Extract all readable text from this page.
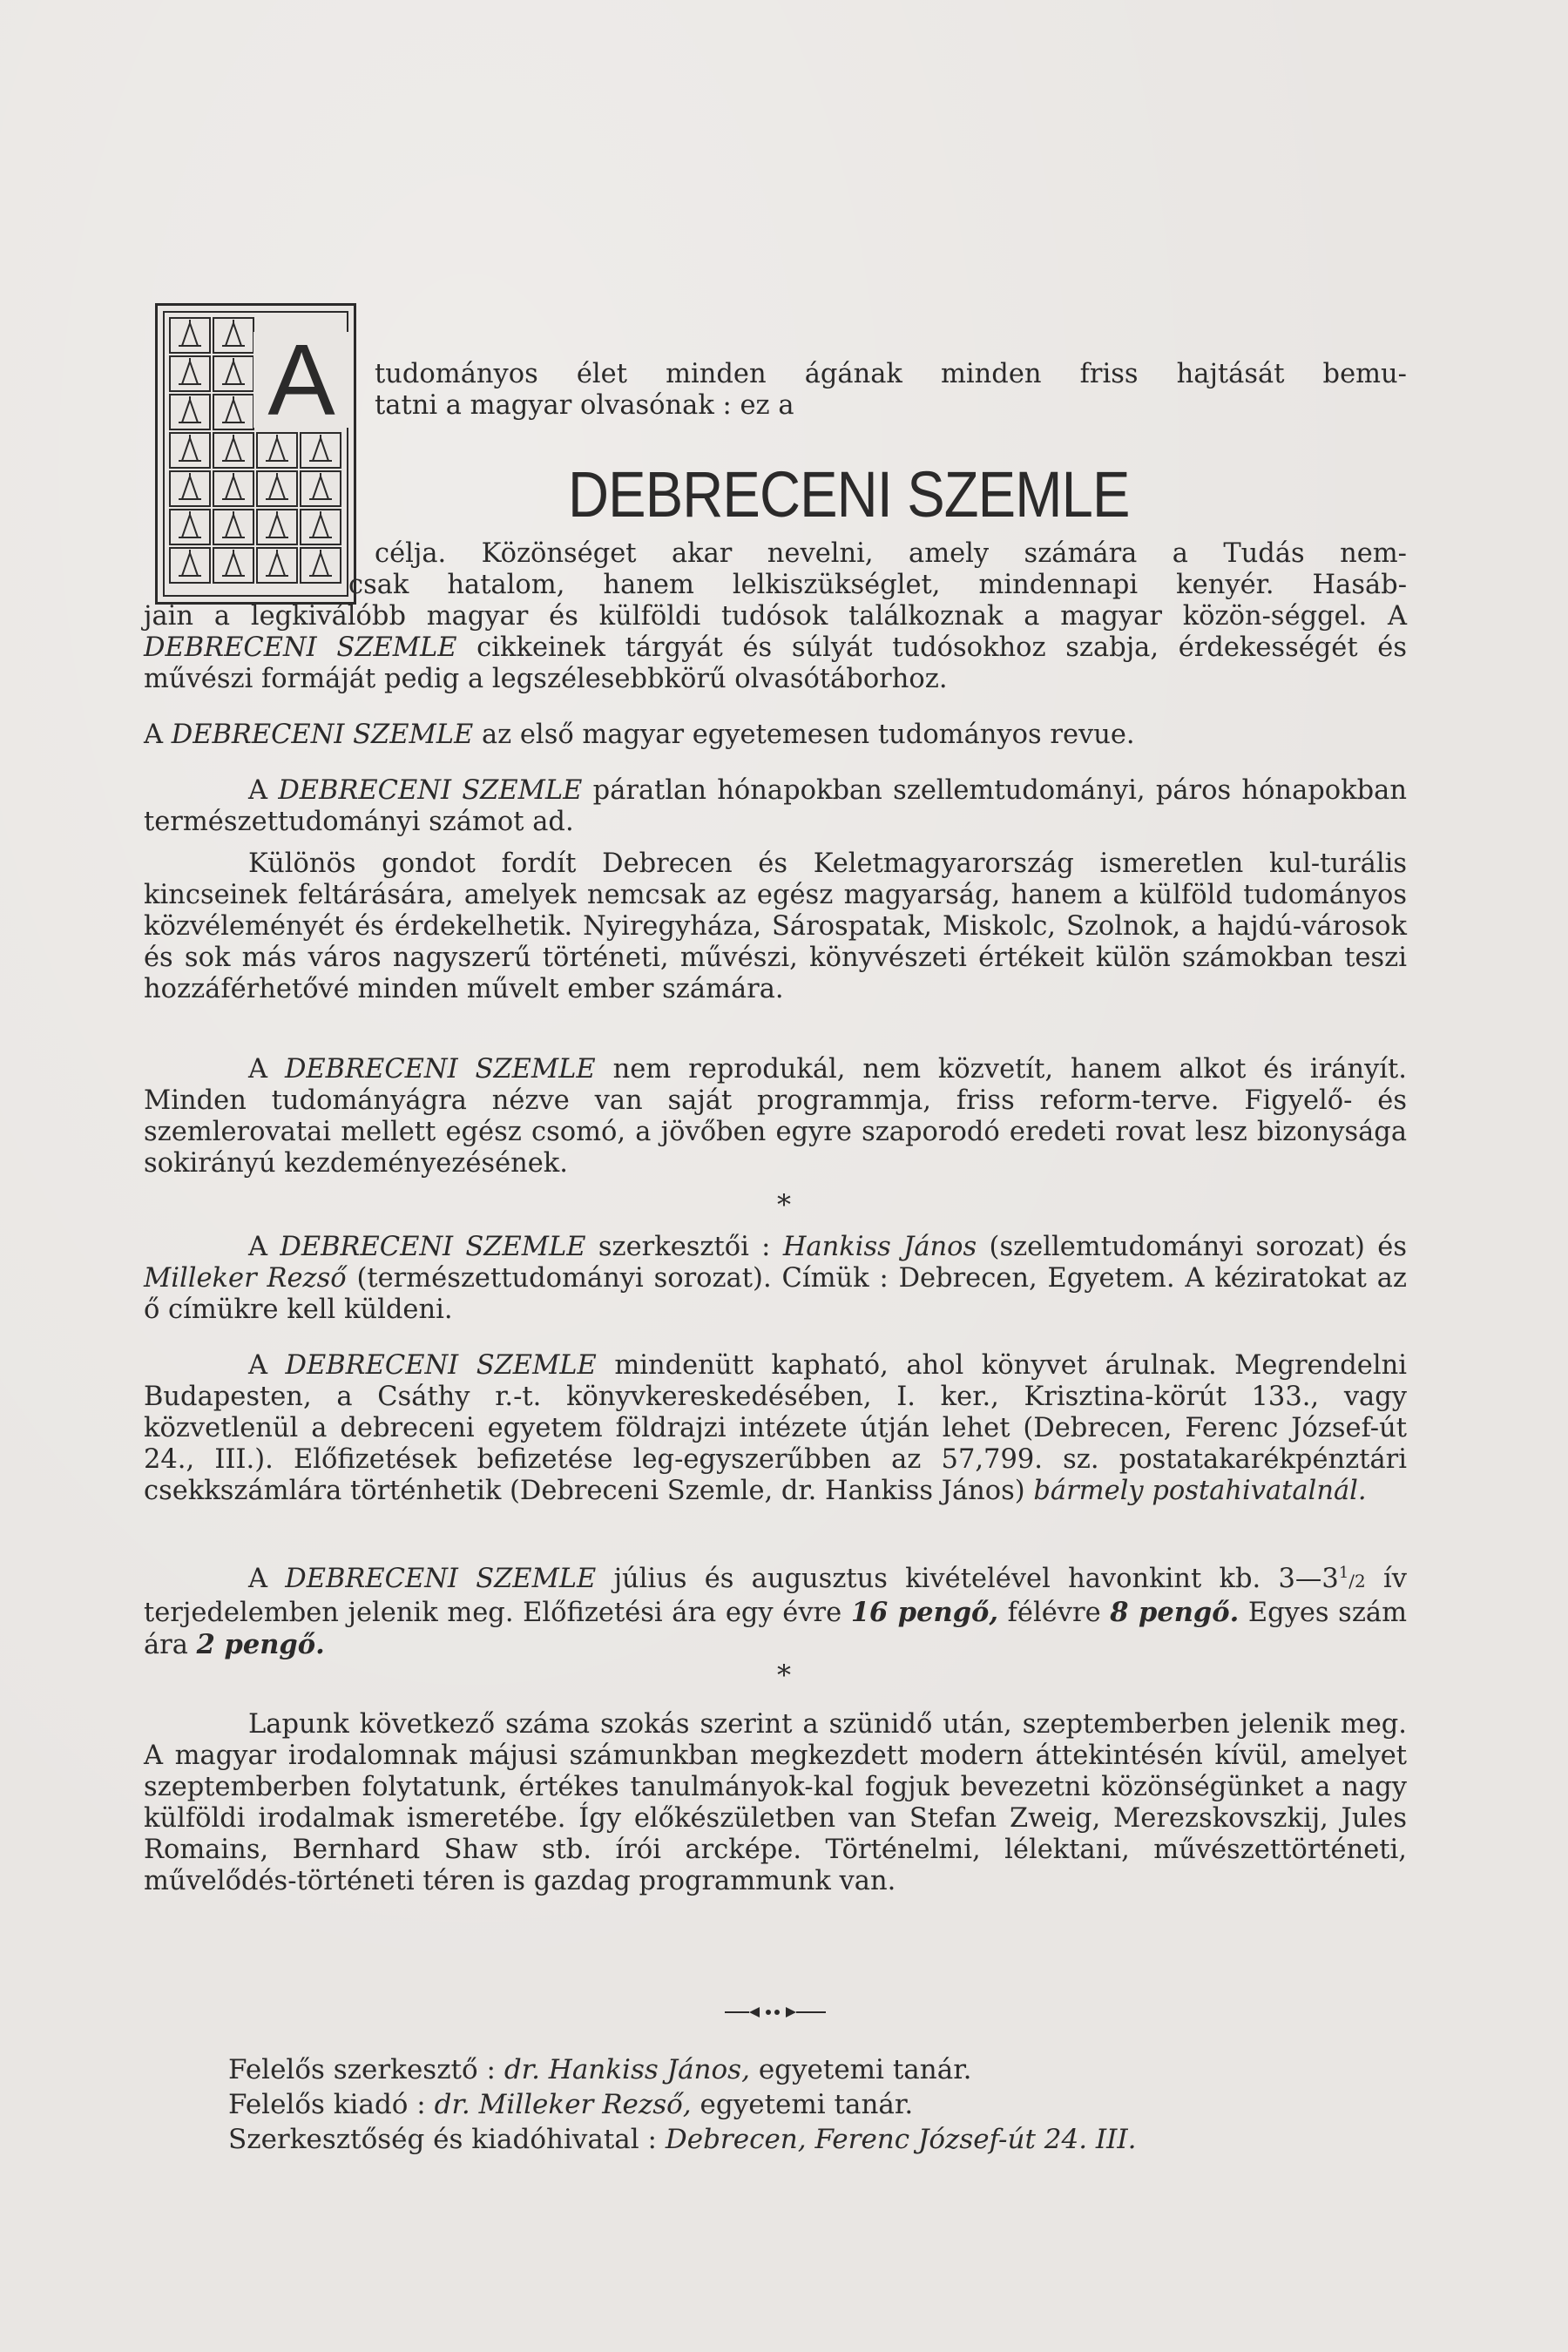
A	tudományos élet minden ágának minden friss hajtását bemu-

tatni a magyar olvasónak : ez a

DEBRECENI SZEMLE

célja. Közönséget akar nevelni, amely számára a Tudás nem-

csak hatalom, hanem lelkiszükséglet, mindennapi kenyér. Hasáb-

jain a legkiválóbb magyar és külföldi tudósok találkoznak a magyar közön-séggel. A DEBRECENI SZEMLE cikkeinek tárgyát és súlyát tudósokhoz szabja, érdekességét és művészi formáját pedig a legszélesebbkörű olvasótáborhoz.

A DEBRECENI SZEMLE az első magyar egyetemesen tudományos revue.

A DEBRECENI SZEMLE páratlan hónapokban szellemtudományi, páros hónapokban természettudományi számot ad.

Különös gondot fordít Debrecen és Keletmagyarország ismeretlen kul-turális kincseinek feltárására, amelyek nemcsak az egész magyarság, hanem a külföld tudományos közvéleményét és érdekelhetik. Nyiregyháza, Sárospatak, Miskolc, Szolnok, a hajdú-városok és sok más város nagyszerű történeti, művészi, könyvészeti értékeit külön számokban teszi hozzáférhetővé minden művelt ember számára.

A DEBRECENI SZEMLE nem reprodukál, nem közvetít, hanem alkot és irányít. Minden tudományágra nézve van saját programmja, friss reform-terve. Figyelő- és szemlerovatai mellett egész csomó, a jövőben egyre szaporodó eredeti rovat lesz bizonysága sokirányú kezdeményezésének.

*

A DEBRECENI SZEMLE szerkesztői : Hankiss János (szellemtudományi sorozat) és Milleker Rezső (természettudományi sorozat). Címük : Debrecen, Egyetem. A kéziratokat az ő címükre kell küldeni.

A DEBRECENI SZEMLE mindenütt kapható, ahol könyvet árulnak. Megrendelni Budapesten, a Csáthy r.-t. könyvkereskedésében, I. ker., Krisztina-körút 133., vagy közvetlenül a debreceni egyetem földrajzi intézete útján lehet (Debrecen, Ferenc József-út 24., III.). Előfizetések befizetése leg-egyszerűbben az 57,799. sz. postatakarékpénztári csekkszámlára történhetik (Debreceni Szemle, dr. Hankiss János) bármely postahivatalnál.

A DEBRECENI SZEMLE július és augusztus kivételével havonkint kb. $3—3^1/2$ ív terjedelemben jelenik meg. Előfizetési ára egy évre 16 pengő, félévre 8 pengő. Egyes szám ára 2 pengő.

*

Lapunk következő száma szokás szerint a szünidő után, szeptemberben jelenik meg. A magyar irodalomnak májusi számunkban megkezdett modern áttekintésén kívül, amelyet szeptemberben folytatunk, értékes tanulmányok-kal fogjuk bevezetni közönségünket a nagy külföldi irodalmak ismeretébe. Így előkészületben van Stefan Zweig, Merezskovszkij, Jules Romains, Bernhard Shaw stb. írói arcképe. Történelmi, lélektani, művészettörténeti, művelődés-történeti téren is gazdag programmunk van.

Felelős szerkesztő : dr. Hankiss János, egyetemi tanár.
Felelős kiadó : dr. Milleker Rezső, egyetemi tanár.
Szerkesztőség és kiadóhivatal : Debrecen, Ferenc József-út 24. III.
